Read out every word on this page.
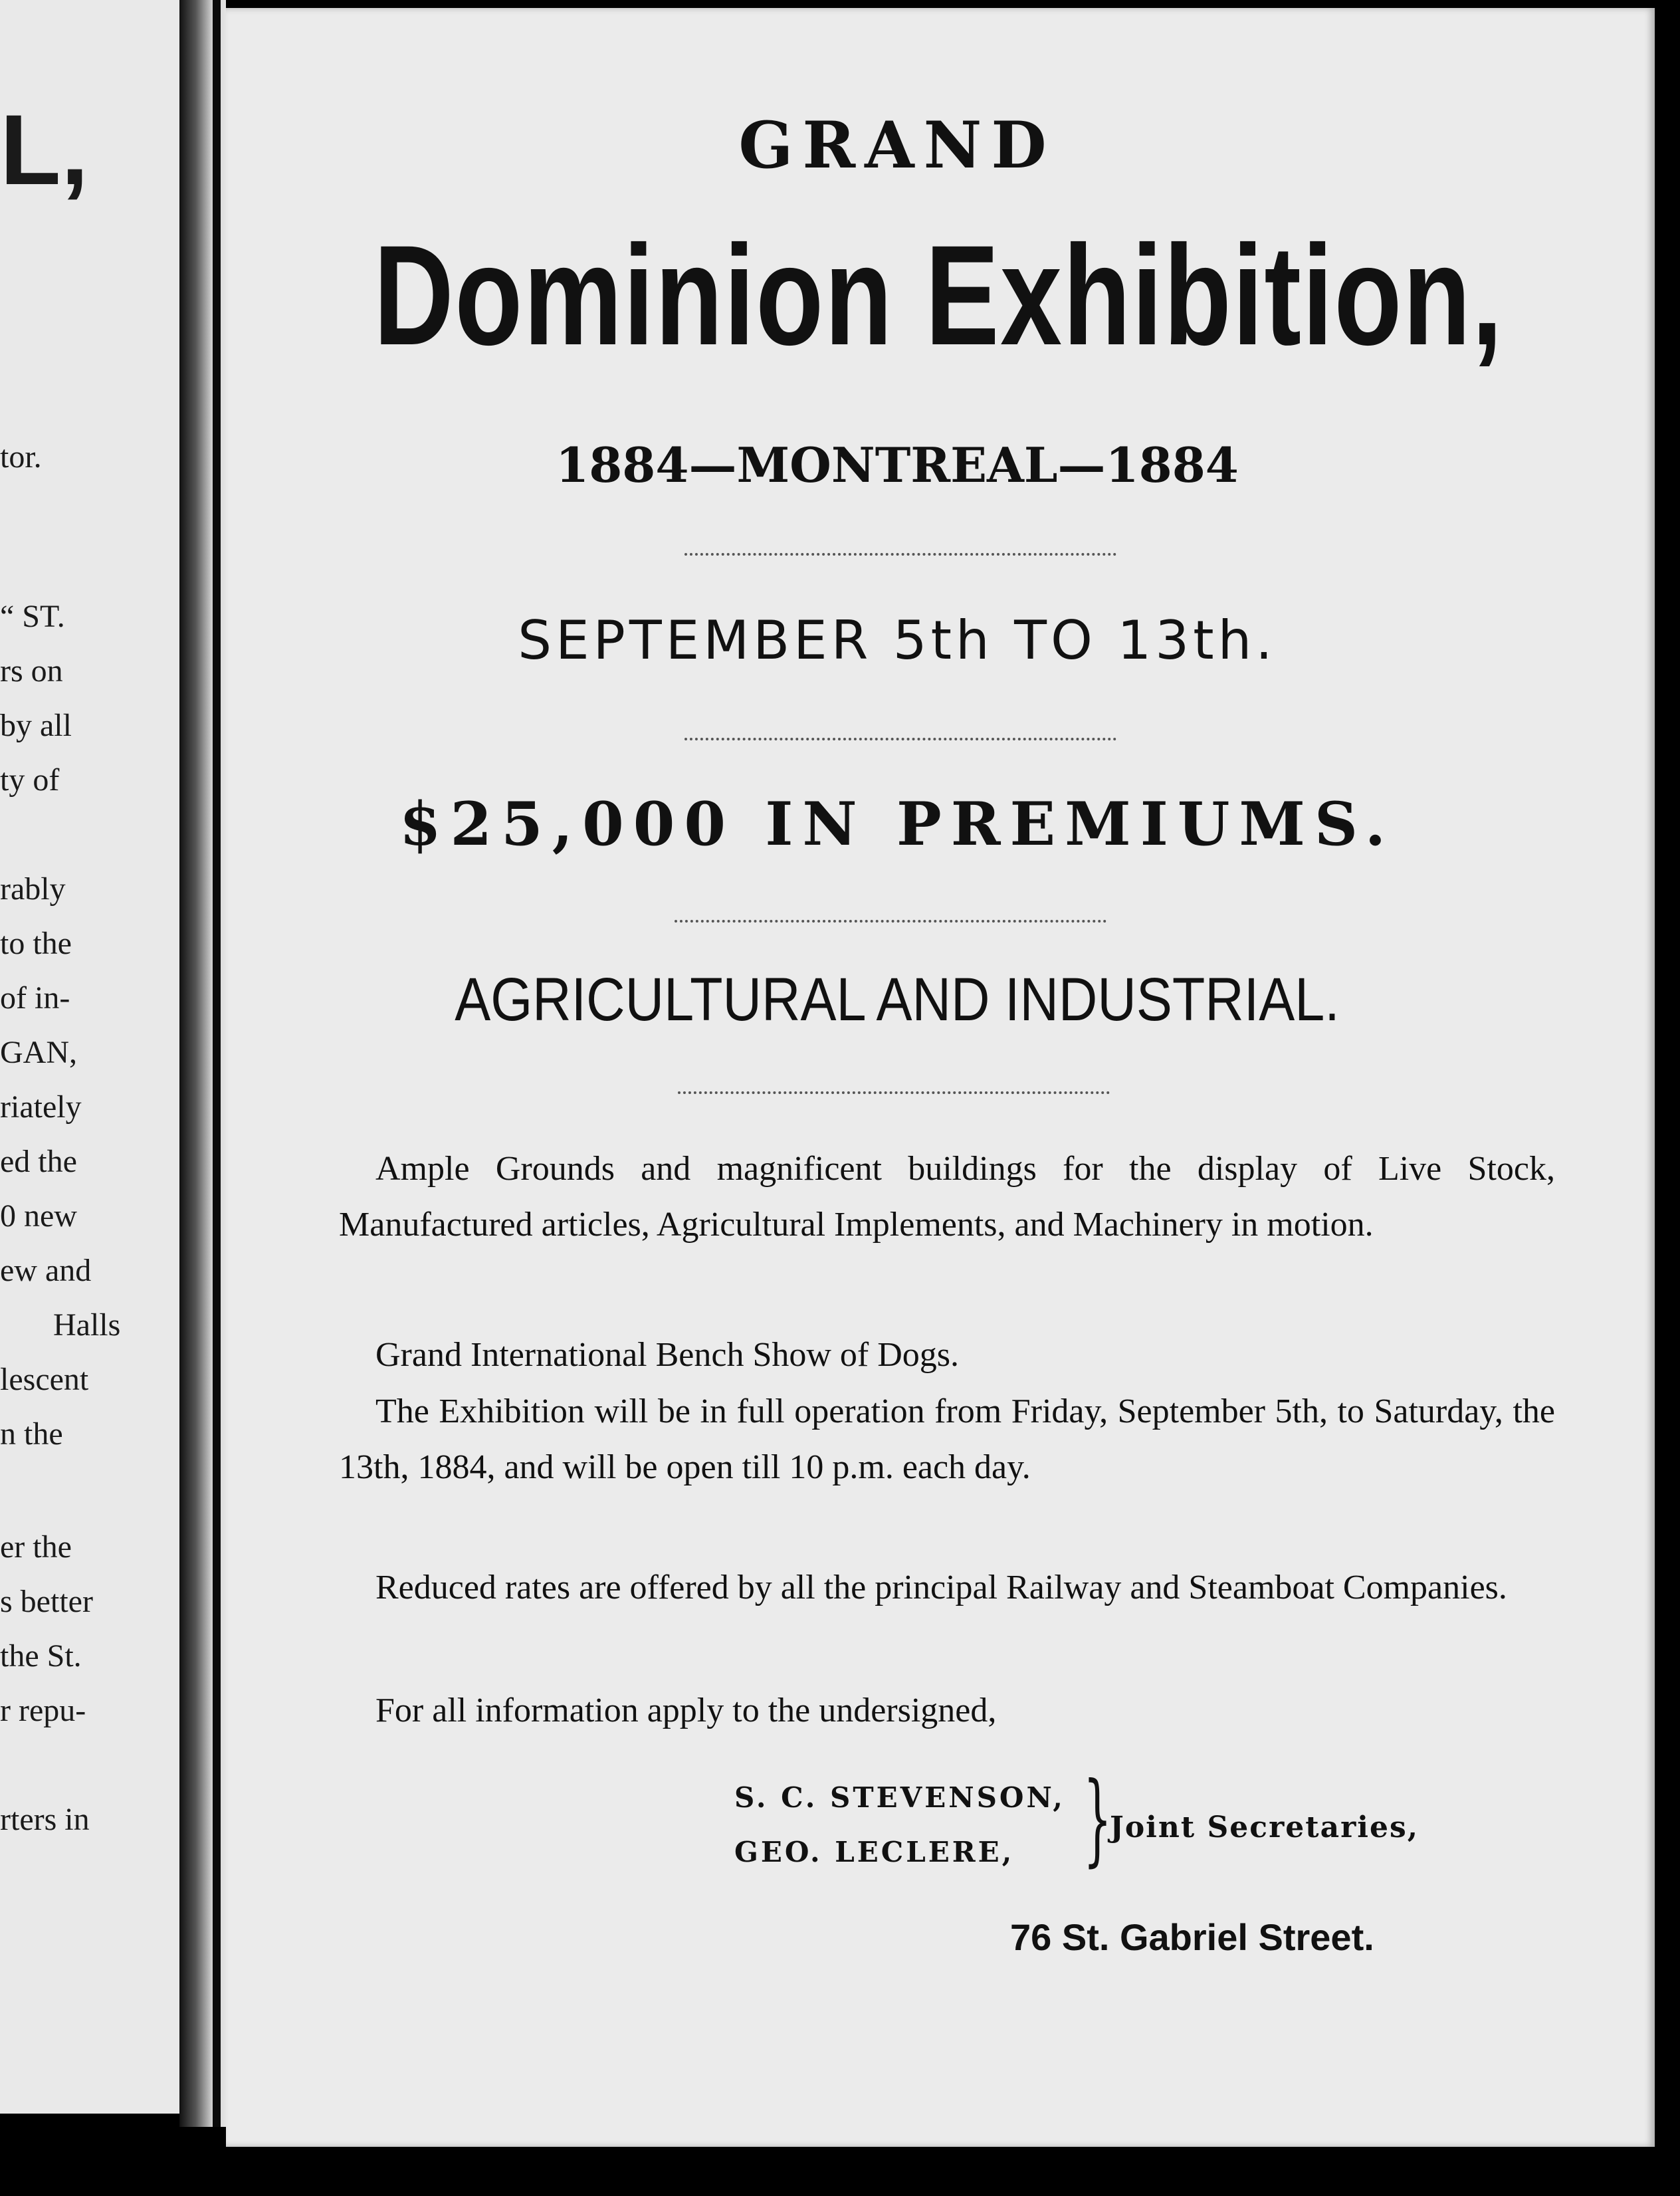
L,
tor.
“ ST.
rs on
by all
ty of
rably
to the
of in-
GAN,
riately
ed the
0 new
ew and
Halls
lescent
n the
er the
s better
the St.
r repu-
rters in
GRAND
Dominion Exhibition,
1884—MONTREAL—1884
SEPTEMBER 5th TO 13th.
$25,000 IN PREMIUMS.
AGRICULTURAL AND INDUSTRIAL.

Ample Grounds and magnificent buildings for the display of Live Stock, Manufactured articles, Agricultural Implements, and Machinery in motion.

Grand International Bench Show of Dogs.

The Exhibition will be in full operation from Friday, September 5th, to Saturday, the 13th, 1884, and will be open till 10 p.m. each day.

Reduced rates are offered by all the principal Railway and Steamboat Companies.

For all information apply to the undersigned,

S. C. STEVENSON,
GEO. LECLERE, }
Joint Secretaries,
76 St. Gabriel Street.
